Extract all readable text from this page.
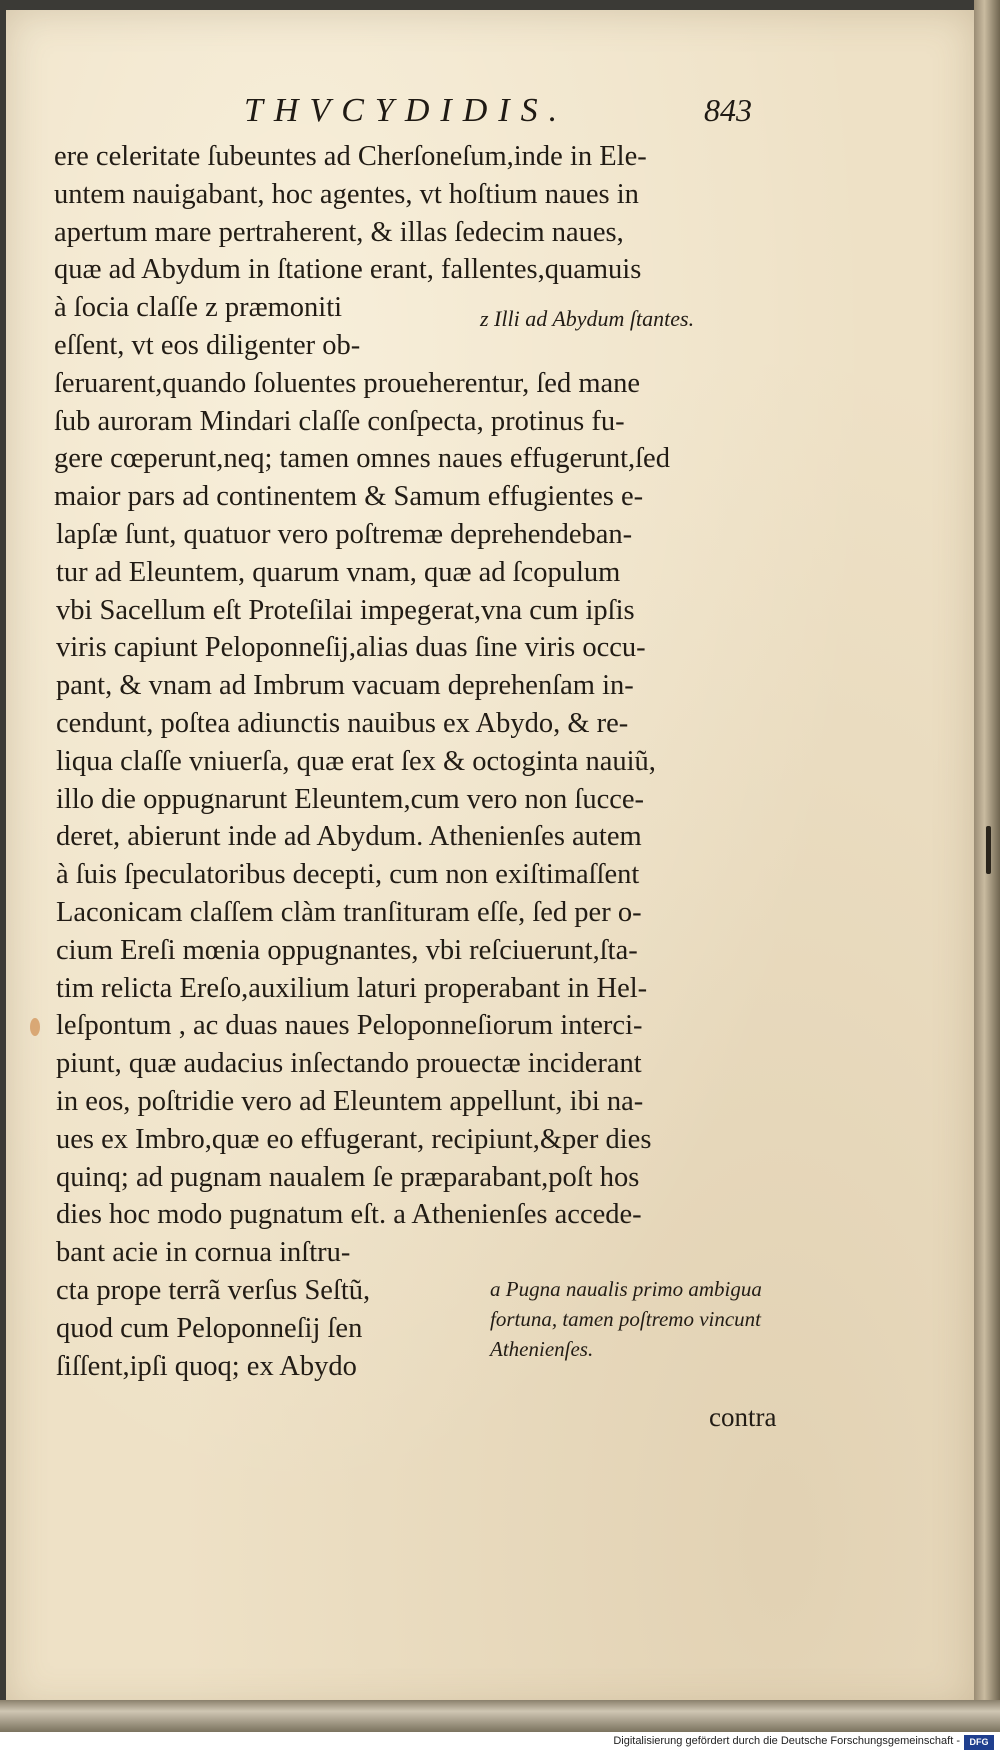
THVCYDIDIS.	843
ere celeritate ſubeuntes ad Cherſoneſum,inde in Ele-
untem nauigabant, hoc agentes, vt hoſtium naues in
apertum mare pertraherent, & illas ſedecim naues,
quæ ad Abydum in ſtatione erant, fallentes,quamuis
à ſocia claſſe z præmoniti
eſſent, vt eos diligenter ob-
ſeruarent,quando ſoluentes proueherentur, ſed mane
ſub auroram Mindari claſſe conſpecta, protinus fu-
gere cœperunt,neq; tamen omnes naues effugerunt,ſed
maior pars ad continentem & Samum effugientes e-
lapſæ ſunt, quatuor vero poſtremæ deprehendeban-
tur ad Eleuntem, quarum vnam, quæ ad ſcopulum
vbi Sacellum eſt Proteſilai impegerat,vna cum ipſis
viris capiunt Peloponneſij,alias duas ſine viris occu-
pant, & vnam ad Imbrum vacuam deprehenſam in-
cendunt, poſtea adiunctis nauibus ex Abydo, & re-
liqua claſſe vniuerſa, quæ erat ſex & octoginta nauiũ,
illo die oppugnarunt Eleuntem,cum vero non ſucce-
deret, abierunt inde ad Abydum. Athenienſes autem
à ſuis ſpeculatoribus decepti, cum non exiſtimaſſent
Laconicam claſſem clàm tranſituram eſſe, ſed per o-
cium Ereſi mœnia oppugnantes, vbi reſciuerunt,ſta-
tim relicta Ereſo,auxilium laturi properabant in Hel-
leſpontum , ac duas naues Peloponneſiorum interci-
piunt, quæ audacius inſectando prouectæ inciderant
in eos, poſtridie vero ad Eleuntem appellunt, ibi na-
ues ex Imbro,quæ eo effugerant, recipiunt,&per dies
quinq; ad pugnam naualem ſe præparabant,poſt hos
dies hoc modo pugnatum eſt. a Athenienſes accede-
bant acie in cornua inſtru-
cta prope terrã verſus Seſtũ,
quod cum Peloponneſij ſen
ſiſſent,ipſi quoq; ex Abydo
z Illi ad Abydum ſtantes.
a Pugna naualis primo ambigua fortuna, tamen poſtremo vincunt Athenienſes.
contra
Digitalisierung gefördert durch die Deutsche Forschungsgemeinschaft -	DFG
